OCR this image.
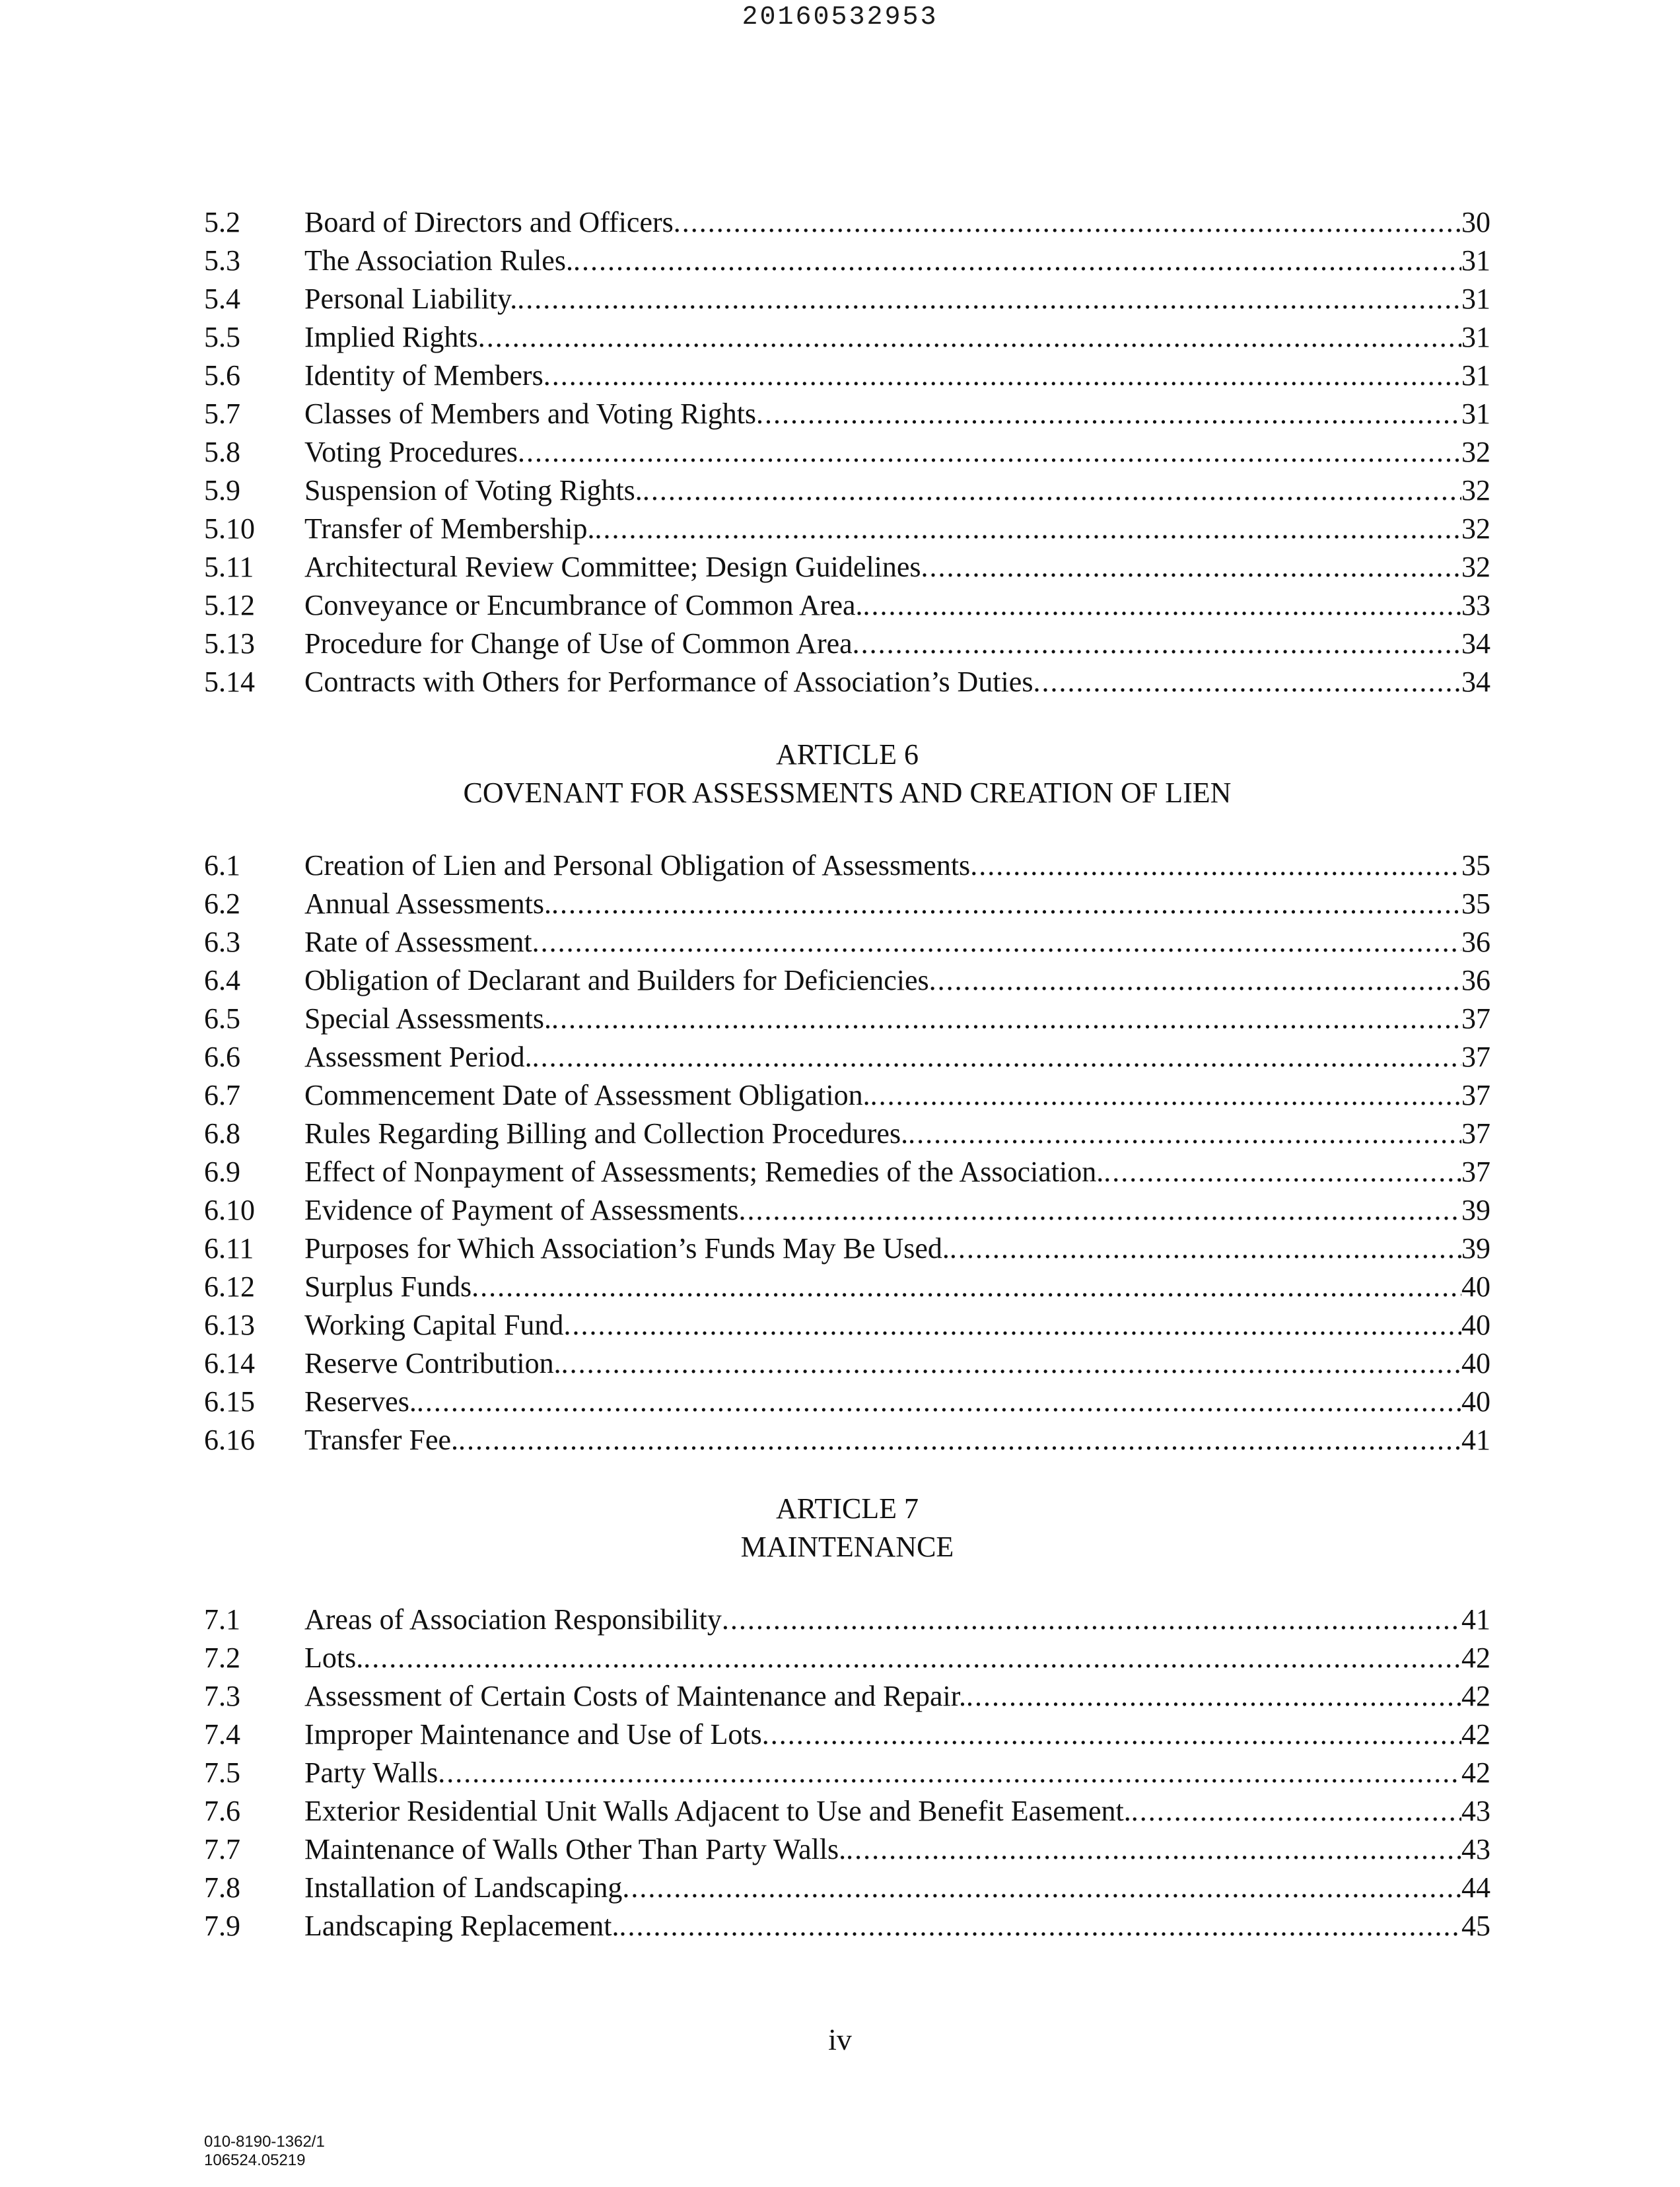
20160532953
5.2	Board of Directors and Officers .....	30
5.3	The Association Rules. .....	31
5.4	Personal Liability. .....	31
5.5	Implied Rights .....	31
5.6	Identity of Members .....	31
5.7	Classes of Members and Voting Rights .....	31
5.8	Voting Procedures .....	32
5.9	Suspension of Voting Rights. .....	32
5.10	Transfer of Membership. .....	32
5.11	Architectural Review Committee; Design Guidelines .....	32
5.12	Conveyance or Encumbrance of Common Area. .....	33
5.13	Procedure for Change of Use of Common Area .....	34
5.14	Contracts with Others for Performance of Association’s Duties .....	34
ARTICLE 6
COVENANT FOR ASSESSMENTS AND CREATION OF LIEN
6.1	Creation of Lien and Personal Obligation of Assessments .....	35
6.2	Annual Assessments. .....	35
6.3	Rate of Assessment .....	36
6.4	Obligation of Declarant and Builders for Deficiencies .....	36
6.5	Special Assessments. .....	37
6.6	Assessment Period. .....	37
6.7	Commencement Date of Assessment Obligation. .....	37
6.8	Rules Regarding Billing and Collection Procedures. .....	37
6.9	Effect of Nonpayment of Assessments; Remedies of the Association. .....	37
6.10	Evidence of Payment of Assessments .....	39
6.11	Purposes for Which Association’s Funds May Be Used. .....	39
6.12	Surplus Funds .....	40
6.13	Working Capital Fund .....	40
6.14	Reserve Contribution. .....	40
6.15	Reserves. .....	40
6.16	Transfer Fee. .....	41
ARTICLE 7
MAINTENANCE
7.1	Areas of Association Responsibility .....	41
7.2	Lots. .....	42
7.3	Assessment of Certain Costs of Maintenance and Repair. .....	42
7.4	Improper Maintenance and Use of Lots .....	42
7.5	Party Walls .....	42
7.6	Exterior Residential Unit Walls Adjacent to Use and Benefit Easement. .....	43
7.7	Maintenance of Walls Other Than Party Walls. .....	43
7.8	Installation of Landscaping .....	44
7.9	Landscaping Replacement. .....	45
iv
010-8190-1362/1
106524.05219
